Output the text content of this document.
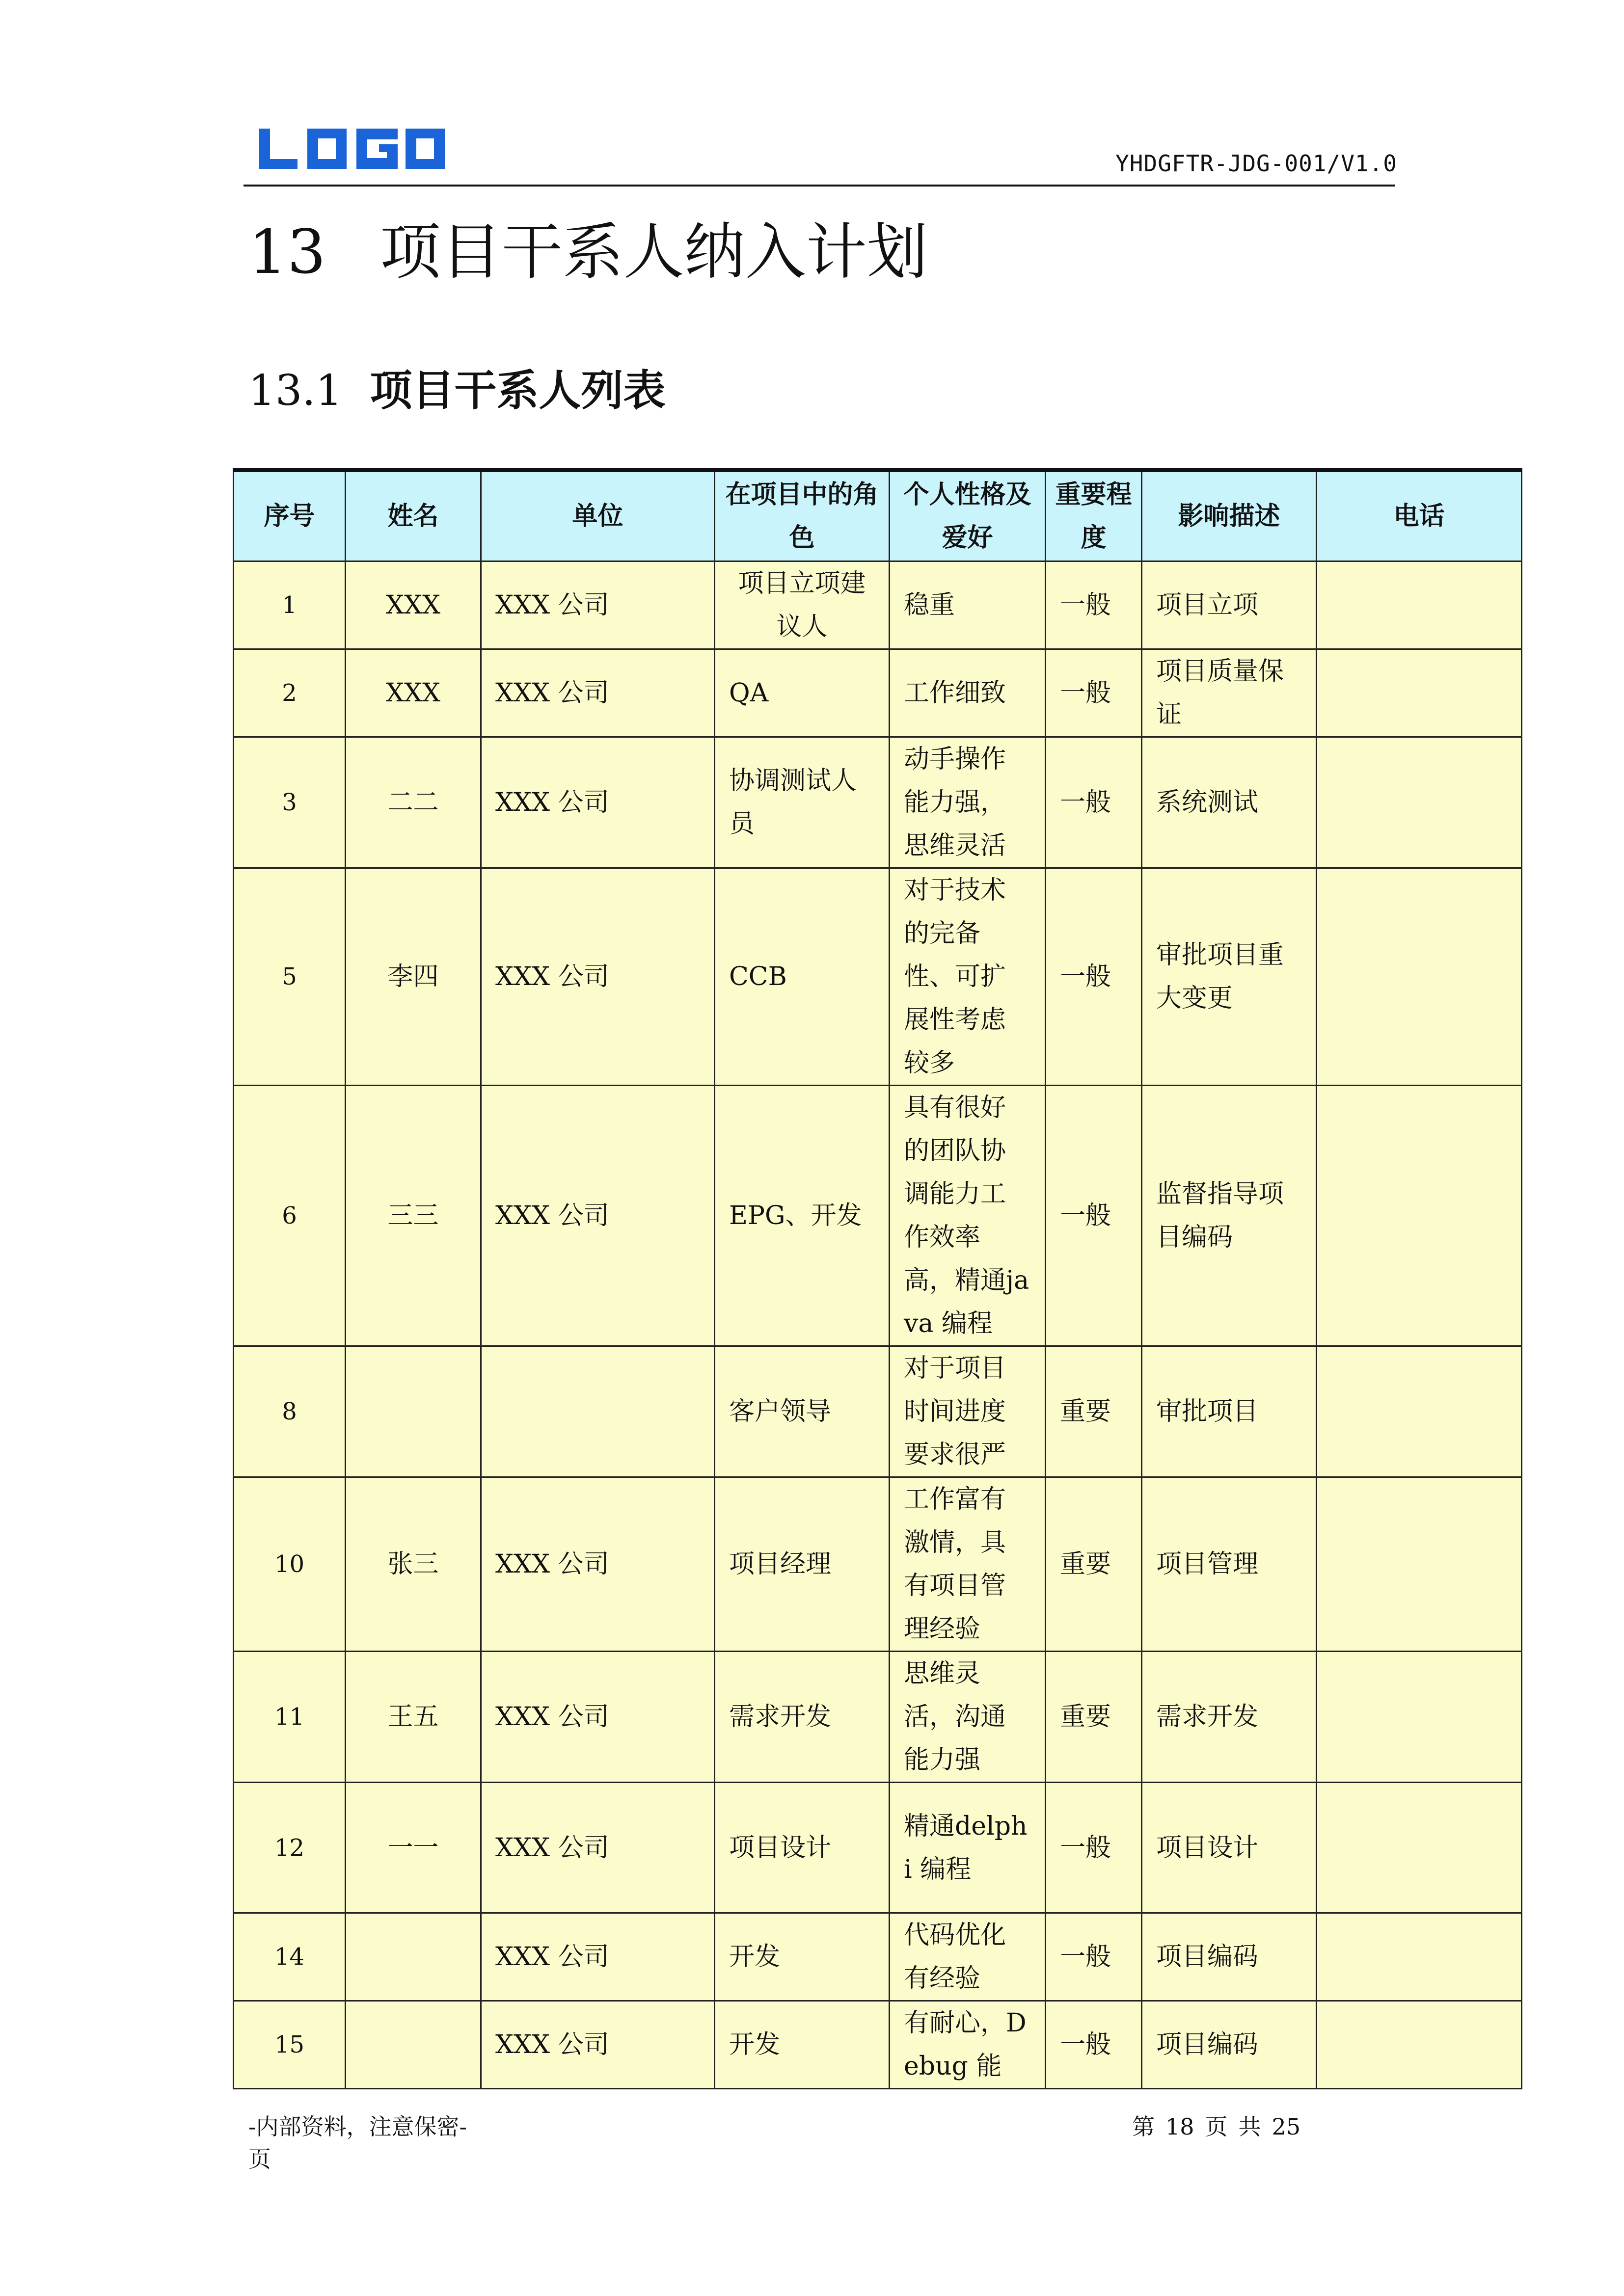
YHDGFTR-JDG-001/V1.0
13 项目干系人纳入计划
13.1 项目干系人列表
序号	姓名	单位	在项目中的角色	个人性格及爱好	重要程度	影响描述	电话
1	XXX	XXX 公司	项目立项建议人	稳重	一般	项目立项	
2	XXX	XXX 公司	QA	工作细致	一般	项目质量保证	
3	二二	XXX 公司	协调测试人员	动手操作能力强，思维灵活	一般	系统测试	
5	李四	XXX 公司	CCB	对于技术的完备性、可扩展性考虑较多	一般	审批项目重大变更	
6	三三	XXX 公司	EPG、开发	具有很好的团队协调能力工作效率高，精通java 编程	一般	监督指导项目编码	
8			客户领导	对于项目时间进度要求很严	重要	审批项目	
10	张三	XXX 公司	项目经理	工作富有激情，具有项目管理经验	重要	项目管理	
11	王五	XXX 公司	需求开发	思维灵活，沟通能力强	重要	需求开发	
12	一一	XXX 公司	项目设计	精通delphi 编程	一般	项目设计	
14		XXX 公司	开发	代码优化有经验	一般	项目编码	
15		XXX 公司	开发	有耐心，Debug 能	一般	项目编码	
-内部资料，注意保密-
页
第 18 页 共 25
